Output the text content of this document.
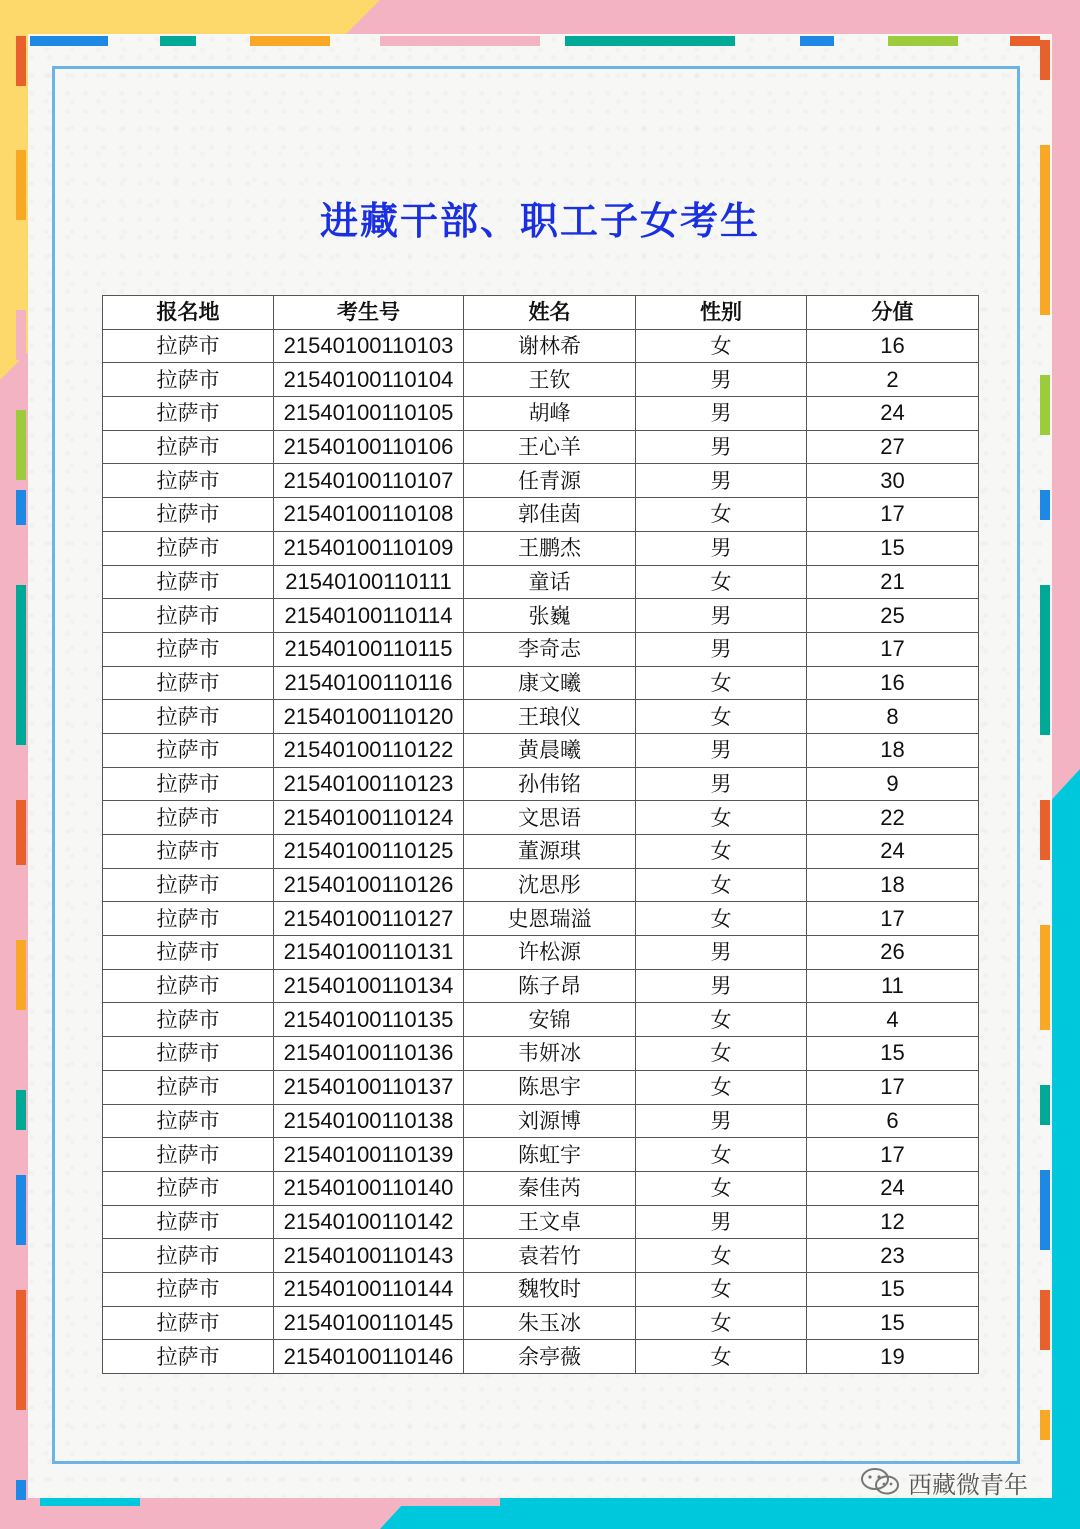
进藏干部、职工子女考生
报名地	考生号	姓名	性别	分值
拉萨市	21540100110103	谢林希	女	16
拉萨市	21540100110104	王钦	男	2
拉萨市	21540100110105	胡峰	男	24
拉萨市	21540100110106	王心羊	男	27
拉萨市	21540100110107	任青源	男	30
拉萨市	21540100110108	郭佳茵	女	17
拉萨市	21540100110109	王鹏杰	男	15
拉萨市	21540100110111	童话	女	21
拉萨市	21540100110114	张巍	男	25
拉萨市	21540100110115	李奇志	男	17
拉萨市	21540100110116	康文曦	女	16
拉萨市	21540100110120	王琅仪	女	8
拉萨市	21540100110122	黄晨曦	男	18
拉萨市	21540100110123	孙伟铭	男	9
拉萨市	21540100110124	文思语	女	22
拉萨市	21540100110125	董源琪	女	24
拉萨市	21540100110126	沈思彤	女	18
拉萨市	21540100110127	史恩瑞溢	女	17
拉萨市	21540100110131	许松源	男	26
拉萨市	21540100110134	陈子昂	男	11
拉萨市	21540100110135	安锦	女	4
拉萨市	21540100110136	韦妍冰	女	15
拉萨市	21540100110137	陈思宇	女	17
拉萨市	21540100110138	刘源博	男	6
拉萨市	21540100110139	陈虹宇	女	17
拉萨市	21540100110140	秦佳芮	女	24
拉萨市	21540100110142	王文卓	男	12
拉萨市	21540100110143	袁若竹	女	23
拉萨市	21540100110144	魏牧时	女	15
拉萨市	21540100110145	朱玉冰	女	15
拉萨市	21540100110146	余亭薇	女	19
西藏微青年
